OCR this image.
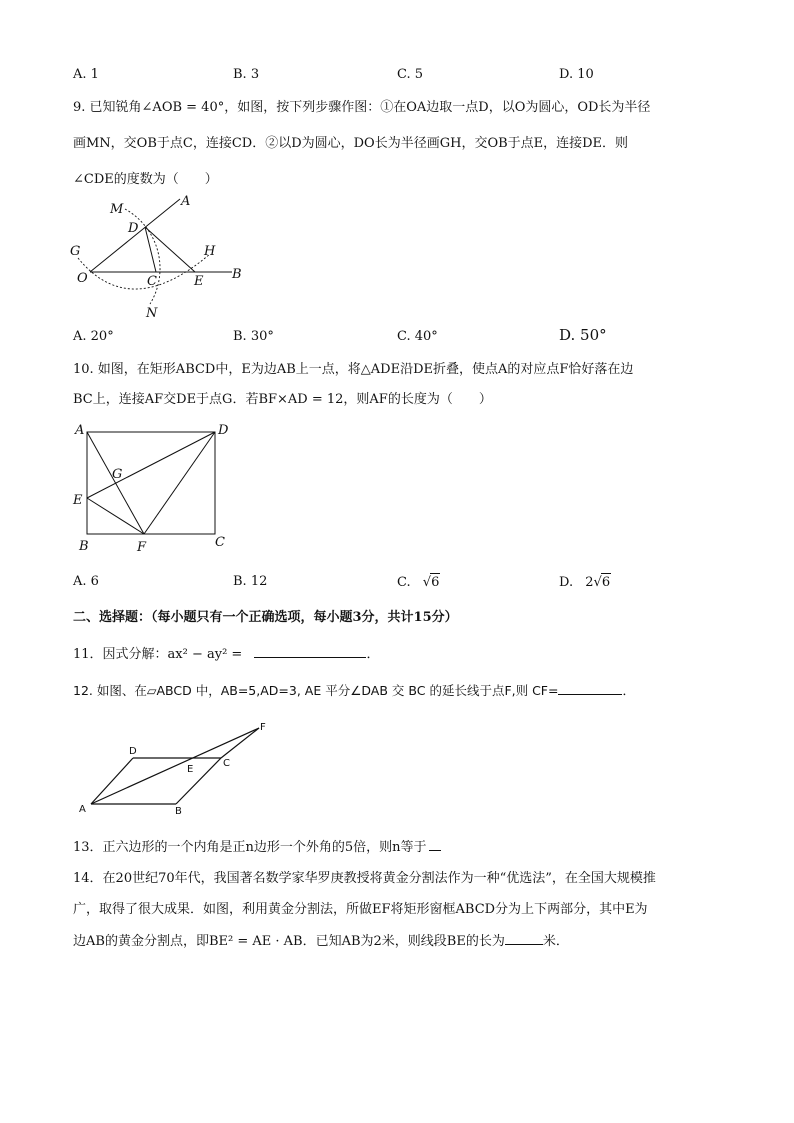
A. 1	B. 3	C. 5	D. 10
9. 已知锐角∠AOB = 40°，如图，按下列步骤作图：①在OA边取一点D，以O为圆心，OD长为半径
画MN，交OB于点C，连接CD．②以D为圆心，DO长为半径画GH，交OB于点E，连接DE．则
∠CDE的度数为（　　）
M
A
D
G	H
O	C	E B
N
A. 20°	B. 30°	C. 40°	D. 50°
10. 如图，在矩形ABCD中，E为边AB上一点，将△ADE沿DE折叠，使点A的对应点F恰好落在边
BC上，连接AF交DE于点G．若BF×AD = 12，则AF的长度为（　　）
A	D
G
E
B	F	C
A. 6	B. 12	C. √6	D. 2√6
二、选择题：（每小题只有一个正确选项，每小题3分，共计15分）
11．因式分解：ax² − ay² =	．
12. 如图、在▱ABCD 中，AB=5,AD=3, AE 平分∠DAB 交 BC 的延长线于点F,则 CF=	．
D
F
E
C
A	B
13．正六边形的一个内角是正n边形一个外角的5倍，则n等于
14．在20世纪70年代，我国著名数学家华罗庚教授将黄金分割法作为一种“优选法”，在全国大规模推
广，取得了很大成果．如图，利用黄金分割法，所做EF将矩形窗框ABCD分为上下两部分，其中E为
边AB的黄金分割点，即BE² = AE · AB．已知AB为2米，则线段BE的长为	米．
